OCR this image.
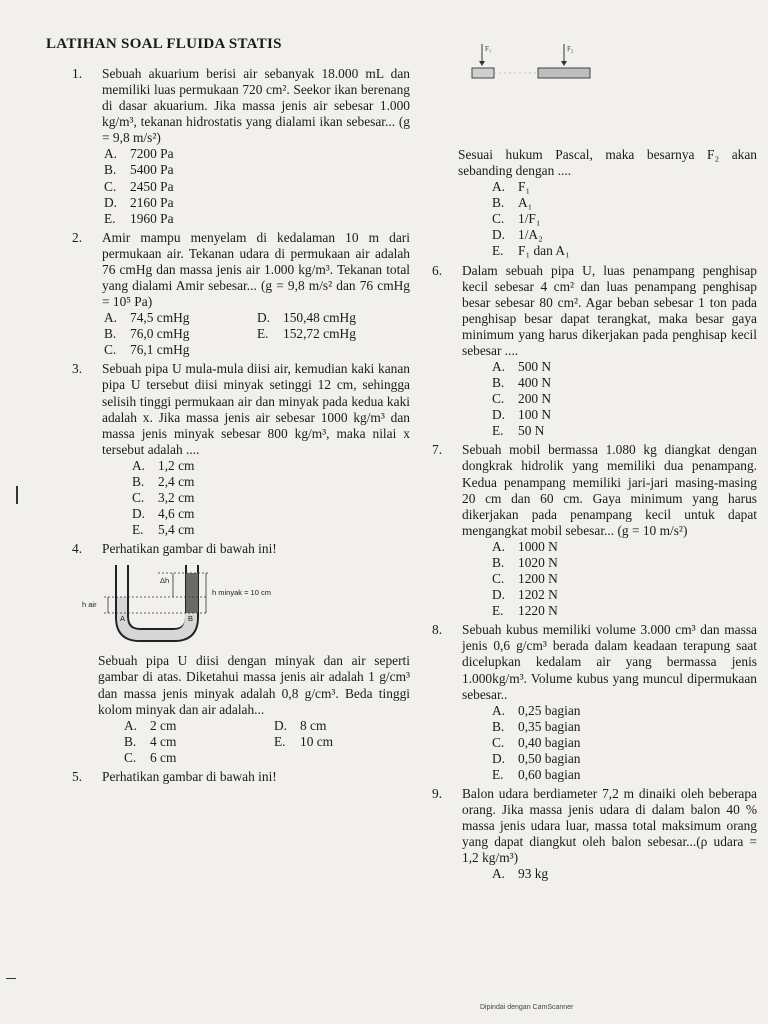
LATIHAN SOAL FLUIDA STATIS	F₁	F₂
1. Sebuah akuarium berisi air sebanyak 18.000 mL dan memiliki luas permukaan 720 cm². Seekor ikan berenang di dasar akuarium. Jika massa jenis air sebesar 1.000 kg/m³, tekanan hidrostatis yang dialami ikan sebesar... (g = 9,8 m/s²)
A. 7200 Pa
B.	5400 Pa
C.	2450 Pa
D. 2160 Pa
E.	1960 Pa
2. Amir mampu menyelam di kedalaman 10 m dari permukaan air. Tekanan udara di permukaan air adalah 76 cmHg dan massa jenis air 1.000 kg/m³. Tekanan total yang dialami Amir sebesar... (g = 9,8 m/s² dan 76 cmHg = 10⁵ Pa)
A. 74,5 cmHg	D. 150,48 cmHg
B.	76,0 cmHg	E.	152,72 cmHg
C.	76,1 cmHg
3. Sebuah pipa U mula-mula diisi air, kemudian kaki kanan pipa U tersebut diisi minyak setinggi 12 cm, sehingga selisih tinggi permukaan air dan minyak pada kedua kaki adalah x. Jika massa jenis air sebesar 1000 kg/m³ dan massa jenis minyak sebesar 800 kg/m³, maka nilai x tersebut adalah ....
A. 1,2 cm
B.	2,4 cm
C.	3,2 cm
D. 4,6 cm
E.	5,4 cm
4. Perhatikan gambar di bawah ini!
Δh
h air
h minyak = 10 cm
A	B
Sebuah pipa U diisi dengan minyak dan air seperti gambar di atas. Diketahui massa jenis air adalah 1 g/cm³ dan massa jenis minyak adalah 0,8 g/cm³. Beda tinggi kolom minyak dan air adalah...
A. 2 cm	D. 8 cm
B.	4 cm	E.	10 cm
C.	6 cm
5. Perhatikan gambar di bawah ini!
Sesuai hukum Pascal, maka besarnya F₂ akan sebanding dengan ....
A. F₁
B.	A₁
C.	1/F₁
D. 1/A₂
E.	F₁ dan A₁
6. Dalam sebuah pipa U, luas penampang penghisap kecil sebesar 4 cm² dan luas penampang penghisap besar sebesar 80 cm². Agar beban sebesar 1 ton pada penghisap besar dapat terangkat, maka besar gaya minimum yang harus dikerjakan pada penghisap kecil sebesar ....
A. 500 N
B.	400 N
C.	200 N
D. 100 N
E.	50 N
7. Sebuah mobil bermassa 1.080 kg diangkat dengan dongkrak hidrolik yang memiliki dua penampang. Kedua penampang memiliki jari-jari masing-masing 20 cm dan 60 cm. Gaya minimum yang harus dikerjakan pada penampang kecil untuk dapat mengangkat mobil sebesar... (g = 10 m/s²)
A. 1000 N
B.	1020 N
C.	1200 N
D. 1202 N
E.	1220 N
8. Sebuah kubus memiliki volume 3.000 cm³ dan massa jenis 0,6 g/cm³ berada dalam keadaan terapung saat dicelupkan kedalam air yang bermassa jenis 1.000kg/m³. Volume kubus yang muncul dipermukaan sebesar..
A. 0,25 bagian
B.	0,35 bagian
C.	0,40 bagian
D. 0,50 bagian
E.	0,60 bagian
9. Balon udara berdiameter 7,2 m dinaiki oleh beberapa orang. Jika massa jenis udara di dalam balon 40 % massa jenis udara luar, massa total maksimum orang yang dapat diangkut oleh balon sebesar...(ρ udara = 1,2 kg/m³)
A. 93 kg
Dipindai dengan CamScanner
